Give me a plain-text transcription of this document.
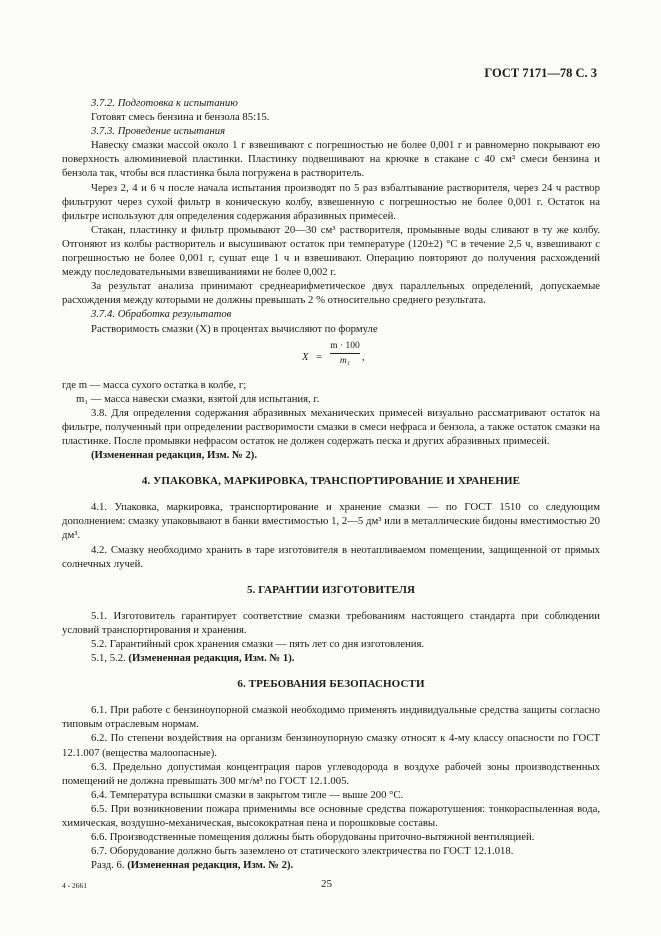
ГОСТ 7171—78 С. 3

3.7.2. Подготовка к испытанию

Готовят смесь бензина и бензола 85:15.

3.7.3. Проведение испытания

Навеску смазки массой около 1 г взвешивают с погрешностью не более 0,001 г и равномерно покрывают ею поверхность алюминиевой пластинки. Пластинку подвешивают на крючке в стакане с 40 см³ смеси бензина и бензола так, чтобы вся пластинка была погружена в растворитель.

Через 2, 4 и 6 ч после начала испытания производят по 5 раз взбалтывание растворителя, через 24 ч раствор фильтруют через сухой фильтр в коническую колбу, взвешенную с погрешностью не более 0,001 г. Остаток на фильтре используют для определения содержания абразивных примесей.

Стакан, пластинку и фильтр промывают 20—30 см³ растворителя, промывные воды сливают в ту же колбу. Отгоняют из колбы растворитель и высушивают остаток при температуре (120±2) °С в течение 2,5 ч, взвешивают с погрешностью не более 0,001 г, сушат еще 1 ч и взвешивают. Операцию повторяют до получения расхождений между последовательными взвешиваниями не более 0,002 г.

За результат анализа принимают среднеарифметическое двух параллельных определений, допускаемые расхождения между которыми не должны превышать 2 % относительно среднего результата.

3.7.4. Обработка результатов

Растворимость смазки (X) в процентах вычисляют по формуле

X =
m · 100
m₁	,

где m — масса сухого остатка в колбе, г;

m₁ — масса навески смазки, взятой для испытания, г.

3.8. Для определения содержания абразивных механических примесей визуально рассматривают остаток на фильтре, полученный при определении растворимости смазки в смеси нефраса и бензола, а также остаток смазки на пластинке. После промывки нефрасом остаток не должен содержать песка и других абразивных примесей.

(Измененная редакция, Изм. № 2).

4. УПАКОВКА, МАРКИРОВКА, ТРАНСПОРТИРОВАНИЕ И ХРАНЕНИЕ

4.1. Упаковка, маркировка, транспортирование и хранение смазки — по ГОСТ 1510 со следующим дополнением: смазку упаковывают в банки вместимостью 1, 2—5 дм³ или в металлические бидоны вместимостью 20 дм³.

4.2. Смазку необходимо хранить в таре изготовителя в неотапливаемом помещении, защищенной от прямых солнечных лучей.

5. ГАРАНТИИ ИЗГОТОВИТЕЛЯ

5.1. Изготовитель гарантирует соответствие смазки требованиям настоящего стандарта при соблюдении условий транспортирования и хранения.

5.2. Гарантийный срок хранения смазки — пять лет со дня изготовления.

5.1, 5.2. (Измененная редакция, Изм. № 1).

6. ТРЕБОВАНИЯ БЕЗОПАСНОСТИ

6.1. При работе с бензиноупорной смазкой необходимо применять индивидуальные средства защиты согласно типовым отраслевым нормам.

6.2. По степени воздействия на организм бензиноупорную смазку относят к 4-му классу опасности по ГОСТ 12.1.007 (вещества малоопасные).

6.3. Предельно допустимая концентрация паров углеводорода в воздухе рабочей зоны производственных помещений не должна превышать 300 мг/м³ по ГОСТ 12.1.005.

6.4. Температура вспышки смазки в закрытом тигле — выше 200 °С.

6.5. При возникновении пожара применимы все основные средства пожаротушения: тонкораспыленная вода, химическая, воздушно-механическая, высокократная пена и порошковые составы.

6.6. Производственные помещения должны быть оборудованы приточно-вытяжной вентиляцией.

6.7. Оборудование должно быть заземлено от статического электричества по ГОСТ 12.1.018.

Разд. 6. (Измененная редакция, Изм. № 2).

4 - 2661	25
